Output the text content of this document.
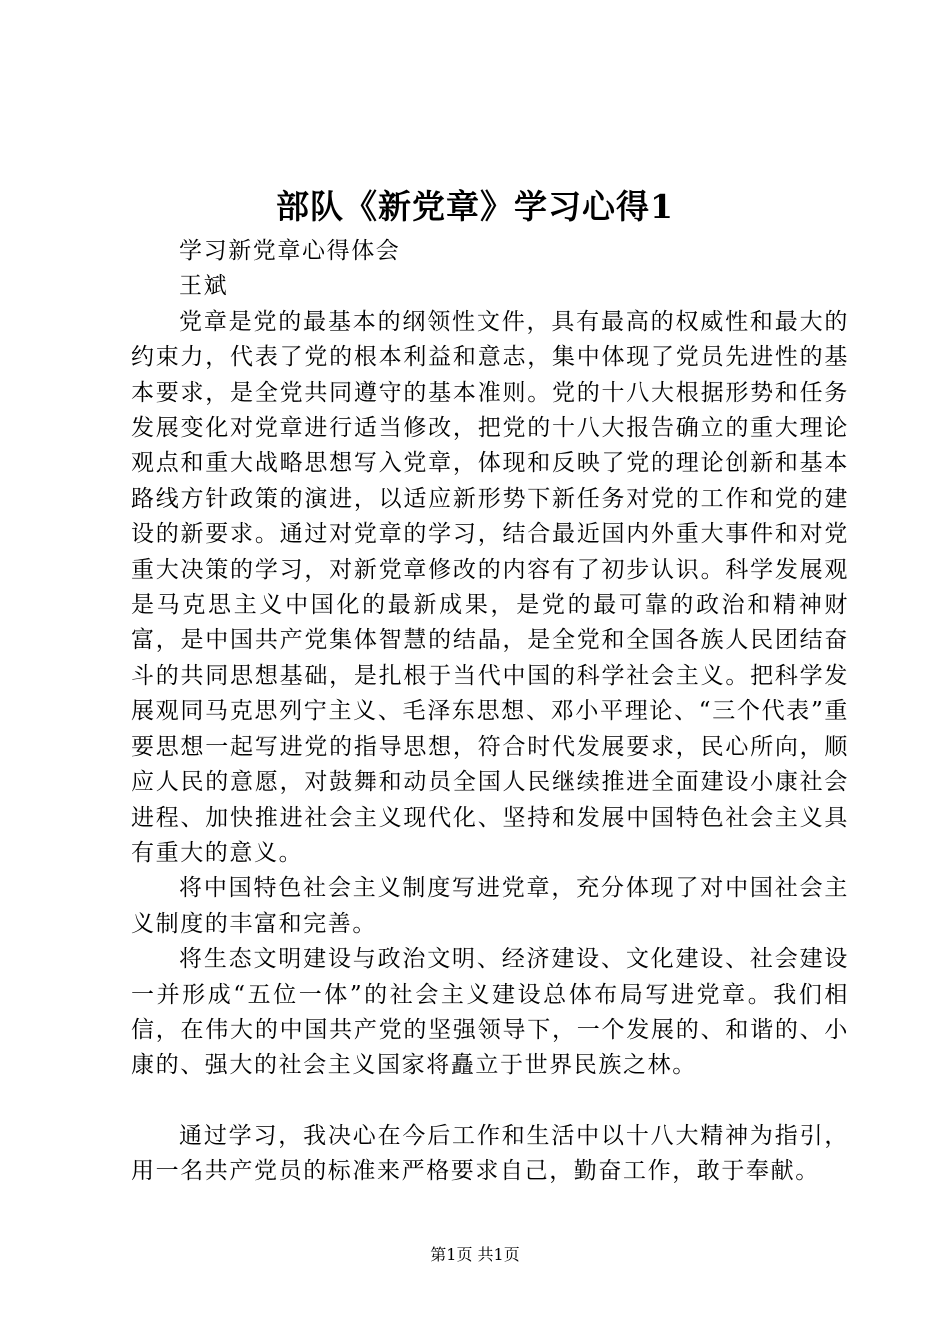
部队《新党章》学习心得1

学习新党章心得体会

王斌

党章是党的最基本的纲领性文件，具有最高的权威性和最大的约束力，代表了党的根本利益和意志，集中体现了党员先进性的基本要求，是全党共同遵守的基本准则。党的十八大根据形势和任务发展变化对党章进行适当修改，把党的十八大报告确立的重大理论观点和重大战略思想写入党章，体现和反映了党的理论创新和基本路线方针政策的演进，以适应新形势下新任务对党的工作和党的建设的新要求。通过对党章的学习，结合最近国内外重大事件和对党重大决策的学习，对新党章修改的内容有了初步认识。科学发展观是马克思主义中国化的最新成果，是党的最可靠的政治和精神财富，是中国共产党集体智慧的结晶，是全党和全国各族人民团结奋斗的共同思想基础，是扎根于当代中国的科学社会主义。把科学发展观同马克思列宁主义、毛泽东思想、邓小平理论、“三个代表”重要思想一起写进党的指导思想，符合时代发展要求，民心所向，顺应人民的意愿，对鼓舞和动员全国人民继续推进全面建设小康社会进程、加快推进社会主义现代化、坚持和发展中国特色社会主义具有重大的意义。

将中国特色社会主义制度写进党章，充分体现了对中国社会主义制度的丰富和完善。

将生态文明建设与政治文明、经济建设、文化建设、社会建设一并形成“五位一体”的社会主义建设总体布局写进党章。我们相信，在伟大的中国共产党的坚强领导下，一个发展的、和谐的、小康的、强大的社会主义国家将矗立于世界民族之林。

通过学习，我决心在今后工作和生活中以十八大精神为指引，用一名共产党员的标准来严格要求自己，勤奋工作，敢于奉献。

第1页 共1页
